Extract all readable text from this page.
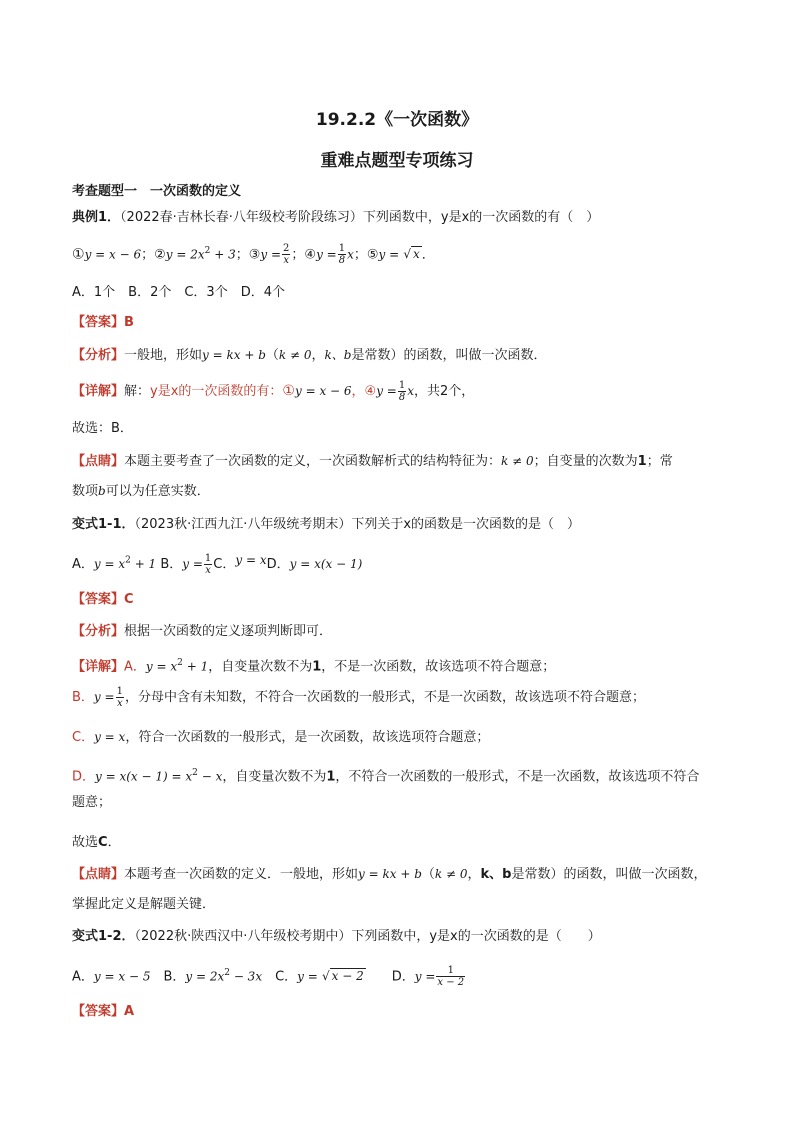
19.2.2《一次函数》
重难点题型专项练习
考查题型一　一次函数的定义
典例1．（2022春·吉林长春·八年级校考阶段练习）下列函数中，y是x的一次函数的有（　）
①y = x − 6；②y = $2x^2 + 3$；③y = $\frac{2}{x}$ ；④y = $\frac{1}{8}$ x；⑤y = √ x ．
A．1个　B．2个　C．3个　D．4个
【答案】B
【分析】一般地，形如y = kx + b（k ≠ 0，k、b是常数）的函数，叫做一次函数．
【详解】解：y是x的一次函数的有：①y = x − 6，④y = $\frac{1}{8}$ x，共2个，
故选：B．
【点睛】本题主要考查了一次函数的定义，一次函数解析式的结构特征为：k ≠ 0；自变量的次数为1；常
数项b可以为任意实数．
变式1-1．（2023秋·江西九江·八年级统考期末）下列关于x的函数是一次函数的是（　）
A．$y = x^2 + 1$ B．$y = \frac{1}{x}$ C．y = xD．y = x(x − 1)
【答案】C
【分析】根据一次函数的定义逐项判断即可．
【详解】A．$y = x^2 + 1$，自变量次数不为1，不是一次函数，故该选项不符合题意；
B．$y = \frac{1}{x}$ ，分母中含有未知数，不符合一次函数的一般形式，不是一次函数，故该选项不符合题意；
C．y = x，符合一次函数的一般形式，是一次函数，故该选项符合题意；
D．$y = x(x - 1) = x^2 - x$，自变量次数不为1，不符合一次函数的一般形式，不是一次函数，故该选项不符合
题意；
故选C．
【点睛】本题考查一次函数的定义．一般地，形如y = kx + b（k ≠ 0，k、b是常数）的函数，叫做一次函数，
掌握此定义是解题关键．
变式1-2．（2022秋·陕西汉中·八年级校考期中）下列函数中，y是x的一次函数的是（　　）
A．y = x − 5　B．$y = 2x^2 - 3x$　C．y = √ x − 2　　D．$y = \frac{1}{x - 2}$
【答案】A
